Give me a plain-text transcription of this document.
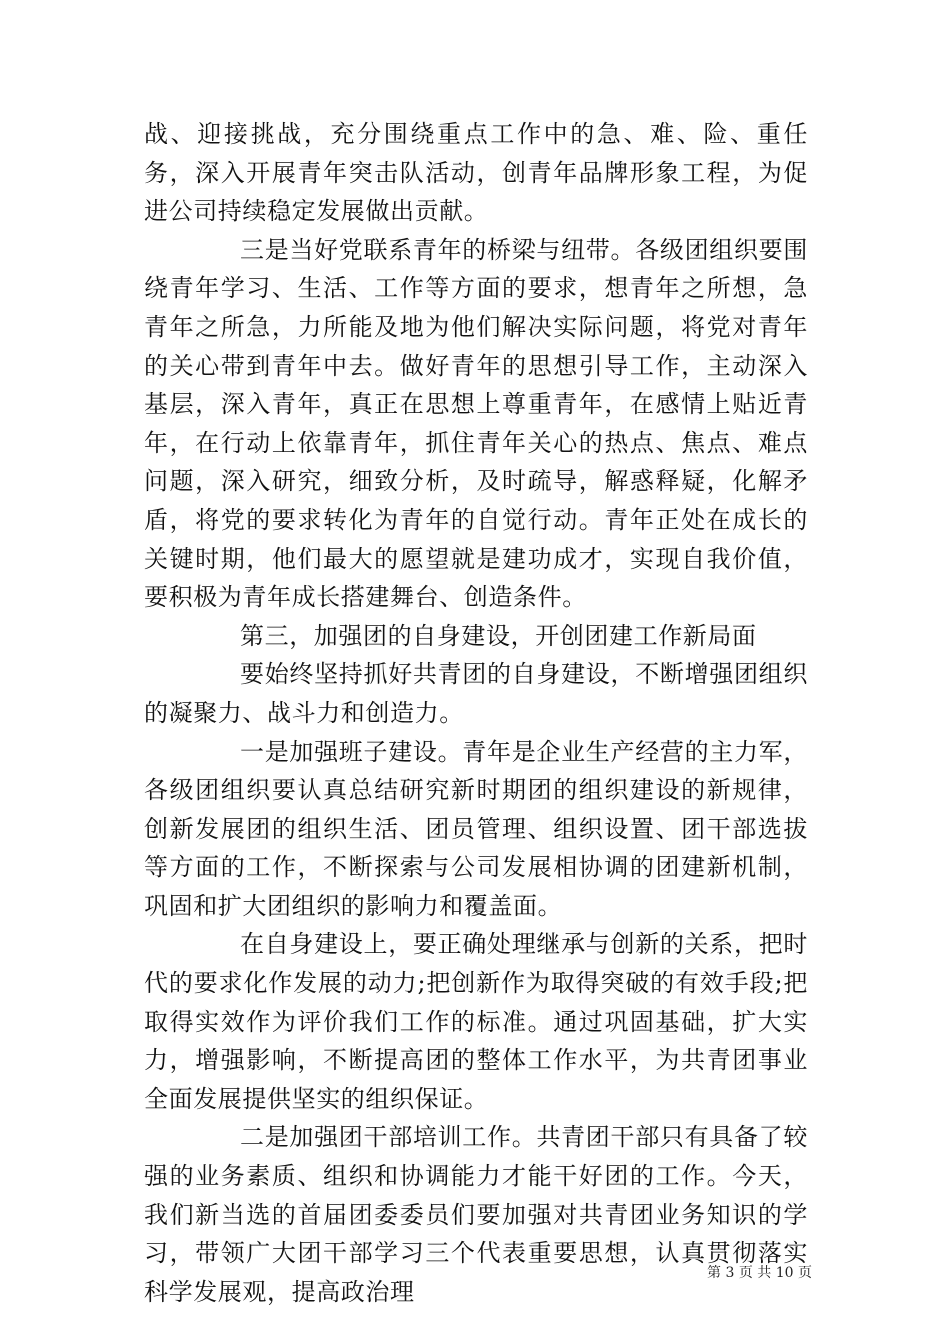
战、迎接挑战，充分围绕重点工作中的急、难、险、重任务，深入开展青年突击队活动，创青年品牌形象工程，为促进公司持续稳定发展做出贡献。

三是当好党联系青年的桥梁与纽带。各级团组织要围绕青年学习、生活、工作等方面的要求，想青年之所想，急青年之所急，力所能及地为他们解决实际问题，将党对青年的关心带到青年中去。做好青年的思想引导工作，主动深入基层，深入青年，真正在思想上尊重青年，在感情上贴近青年，在行动上依靠青年，抓住青年关心的热点、焦点、难点问题，深入研究，细致分析，及时疏导，解惑释疑，化解矛盾，将党的要求转化为青年的自觉行动。青年正处在成长的关键时期，他们最大的愿望就是建功成才，实现自我价值，要积极为青年成长搭建舞台、创造条件。

第三，加强团的自身建设，开创团建工作新局面

要始终坚持抓好共青团的自身建设，不断增强团组织的凝聚力、战斗力和创造力。

一是加强班子建设。青年是企业生产经营的主力军，各级团组织要认真总结研究新时期团的组织建设的新规律，创新发展团的组织生活、团员管理、组织设置、团干部选拔等方面的工作，不断探索与公司发展相协调的团建新机制，巩固和扩大团组织的影响力和覆盖面。

在自身建设上，要正确处理继承与创新的关系，把时代的要求化作发展的动力;把创新作为取得突破的有效手段;把取得实效作为评价我们工作的标准。通过巩固基础，扩大实力，增强影响，不断提高团的整体工作水平，为共青团事业全面发展提供坚实的组织保证。

二是加强团干部培训工作。共青团干部只有具备了较强的业务素质、组织和协调能力才能干好团的工作。今天，我们新当选的首届团委委员们要加强对共青团业务知识的学习，带领广大团干部学习三个代表重要思想，认真贯彻落实科学发展观，提高政治理

第 3 页 共 10 页
